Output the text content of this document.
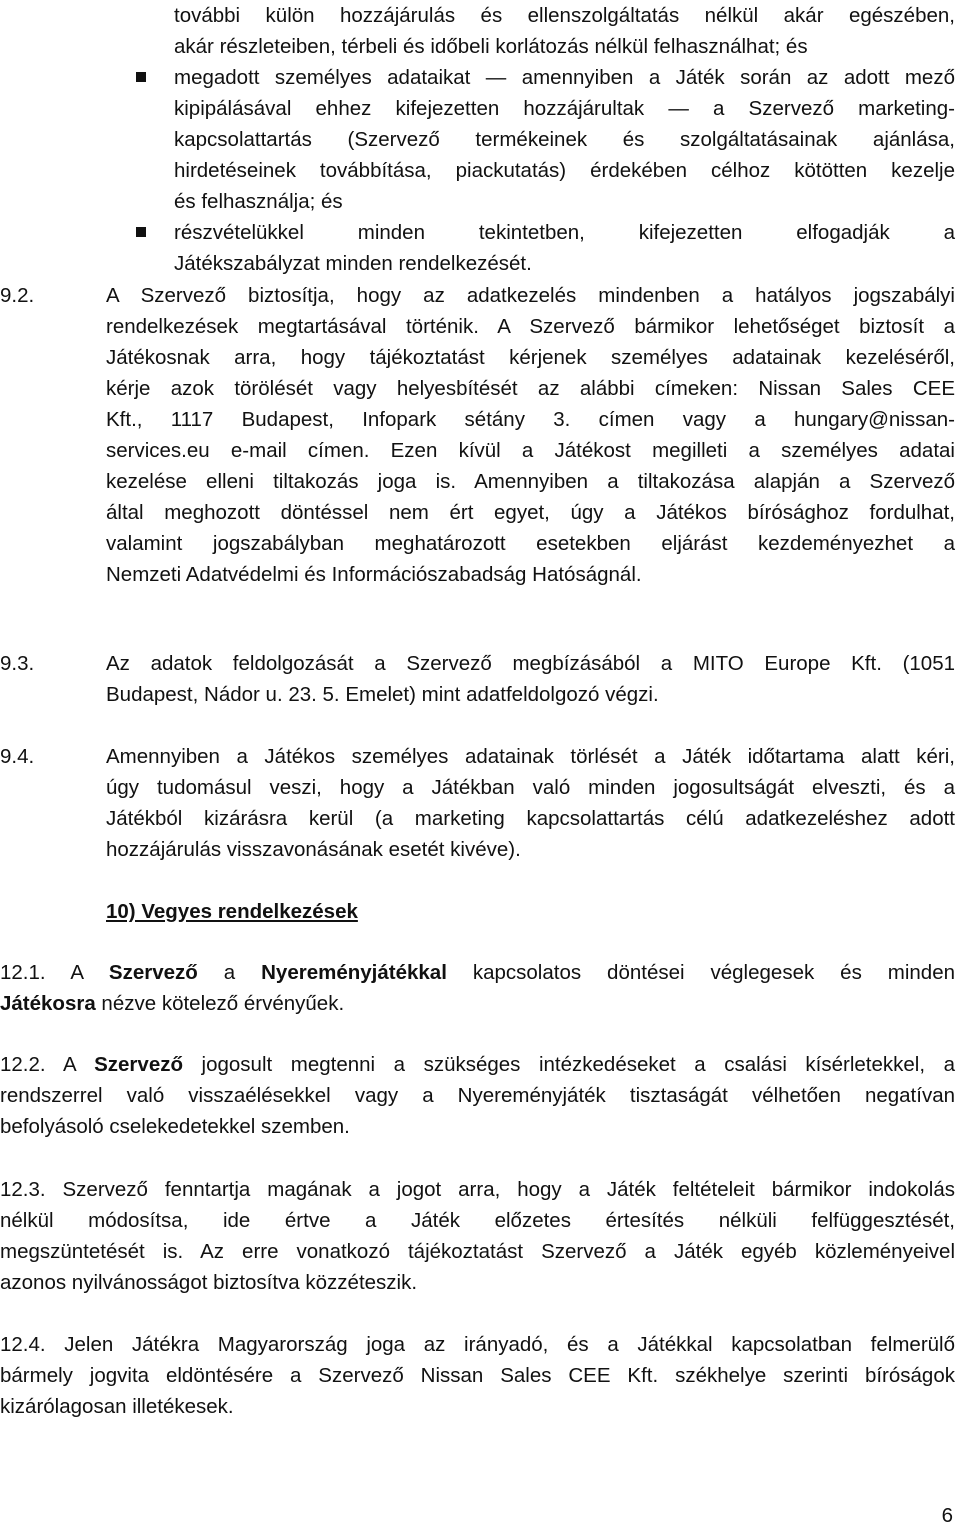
további külön hozzájárulás és ellenszolgáltatás nélkül akár egészében,
akár részleteiben, térbeli és időbeli korlátozás nélkül felhasználhat; és
megadott személyes adataikat — amennyiben a Játék során az adott mező
kipipálásával ehhez kifejezetten hozzájárultak — a Szervező marketing-
kapcsolattartás (Szervező termékeinek és szolgáltatásainak ajánlása,
hirdetéseinek továbbítása, piackutatás) érdekében célhoz kötötten kezelje
és felhasználja; és
részvételükkel minden tekintetben, kifejezetten elfogadják a
Játékszabályzat minden rendelkezését.
9.2.	A Szervező biztosítja, hogy az adatkezelés mindenben a hatályos jogszabályi
rendelkezések megtartásával történik. A Szervező bármikor lehetőséget biztosít a
Játékosnak arra, hogy tájékoztatást kérjenek személyes adatainak kezeléséről,
kérje azok törölését vagy helyesbítését az alábbi címeken: Nissan Sales CEE
Kft., 1117 Budapest, Infopark sétány 3. címen vagy a hungary@nissan-
services.eu e-mail címen. Ezen kívül a Játékost megilleti a személyes adatai
kezelése elleni tiltakozás joga is. Amennyiben a tiltakozása alapján a Szervező
által meghozott döntéssel nem ért egyet, úgy a Játékos bírósághoz fordulhat,
valamint jogszabályban meghatározott esetekben eljárást kezdeményezhet a
Nemzeti Adatvédelmi és Információszabadság Hatóságnál.
9.3.	Az adatok feldolgozását a Szervező megbízásából a MITO Europe Kft. (1051
Budapest, Nádor u. 23. 5. Emelet) mint adatfeldolgozó végzi.
9.4.	Amennyiben a Játékos személyes adatainak törlését a Játék időtartama alatt kéri,
úgy tudomásul veszi, hogy a Játékban való minden jogosultságát elveszti, és a
Játékból kizárásra kerül (a marketing kapcsolattartás célú adatkezeléshez adott
hozzájárulás visszavonásának esetét kivéve).
10) Vegyes rendelkezések
12.1. A Szervező a Nyereményjátékkal kapcsolatos döntései véglegesek és minden
Játékosra nézve kötelező érvényűek.
12.2. A Szervező jogosult megtenni a szükséges intézkedéseket a csalási kísérletekkel, a
rendszerrel való visszaélésekkel vagy a Nyereményjáték tisztaságát vélhetően negatívan
befolyásoló cselekedetekkel szemben.
12.3. Szervező fenntartja magának a jogot arra, hogy a Játék feltételeit bármikor indokolás
nélkül módosítsa, ide értve a Játék előzetes értesítés nélküli felfüggesztését,
megszüntetését is. Az erre vonatkozó tájékoztatást Szervező a Játék egyéb közleményeivel
azonos nyilvánosságot biztosítva közzéteszik.
12.4. Jelen Játékra Magyarország joga az irányadó, és a Játékkal kapcsolatban felmerülő
bármely jogvita eldöntésére a Szervező Nissan Sales CEE Kft. székhelye szerinti bíróságok
kizárólagosan illetékesek.
6
